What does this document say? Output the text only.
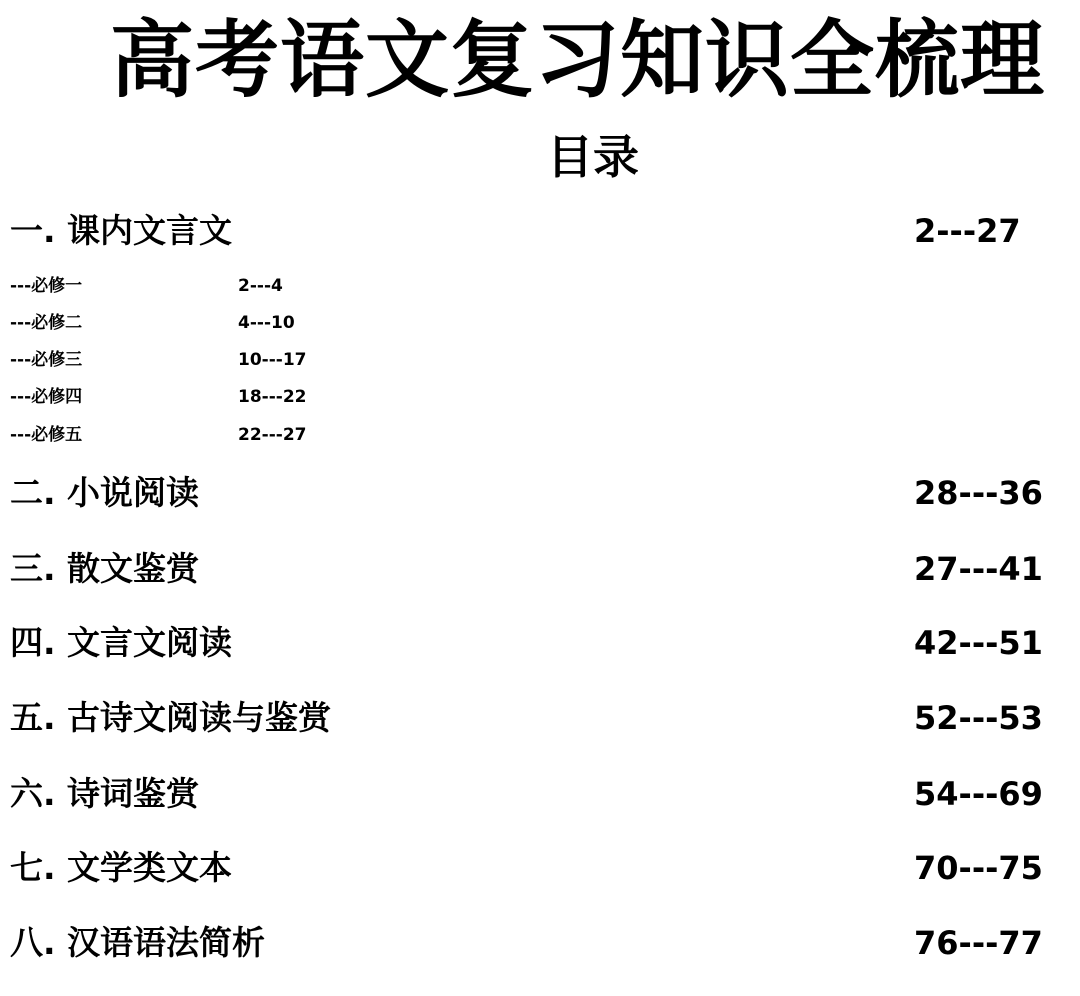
高考语文复习知识全梳理
目录
一. 课内文言文	2---27
---必修一	2---4
---必修二	4---10
---必修三	10---17
---必修四	18---22
---必修五	22---27
二. 小说阅读	28---36
三. 散文鉴赏	27---41
四. 文言文阅读	42---51
五. 古诗文阅读与鉴赏	52---53
六. 诗词鉴赏	54---69
七. 文学类文本	70---75
八. 汉语语法简析	76---77
